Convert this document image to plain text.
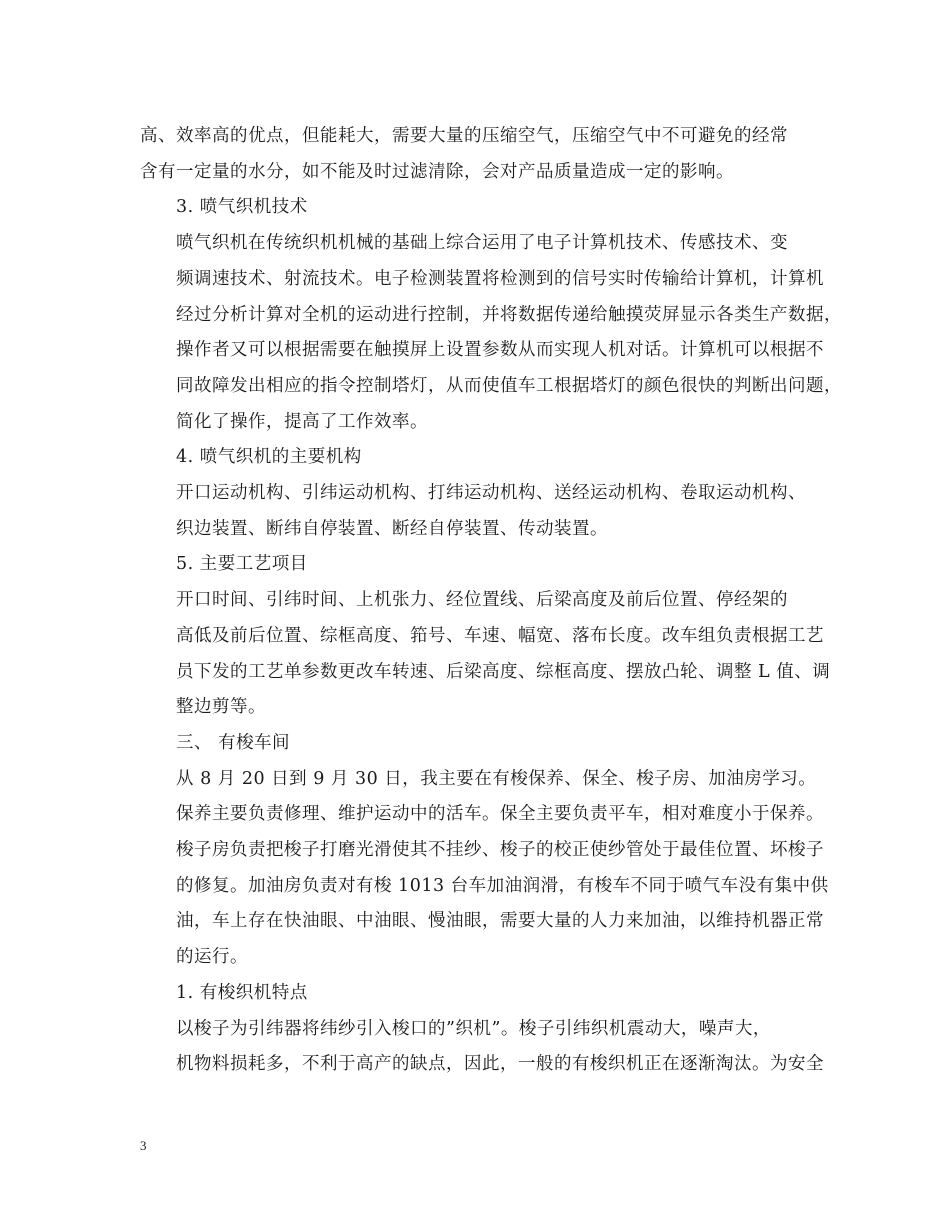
高、效率高的优点，但能耗大，需要大量的压缩空气，压缩空气中不可避免的经常
含有一定量的水分，如不能及时过滤清除，会对产品质量造成一定的影响。

3. 喷气织机技术

喷气织机在传统织机机械的基础上综合运用了电子计算机技术、传感技术、变
频调速技术、射流技术。电子检测装置将检测到的信号实时传输给计算机，计算机
经过分析计算对全机的运动进行控制，并将数据传递给触摸荧屏显示各类生产数据，
操作者又可以根据需要在触摸屏上设置参数从而实现人机对话。计算机可以根据不
同故障发出相应的指令控制塔灯，从而使值车工根据塔灯的颜色很快的判断出问题，
简化了操作，提高了工作效率。

4. 喷气织机的主要机构

开口运动机构、引纬运动机构、打纬运动机构、送经运动机构、卷取运动机构、
织边装置、断纬自停装置、断经自停装置、传动装置。

5. 主要工艺项目

开口时间、引纬时间、上机张力、经位置线、后梁高度及前后位置、停经架的
高低及前后位置、综框高度、筘号、车速、幅宽、落布长度。改车组负责根据工艺
员下发的工艺单参数更改车转速、后梁高度、综框高度、摆放凸轮、调整 L 值、调
整边剪等。

三、 有梭车间

从 8 月 20 日到 9 月 30 日，我主要在有梭保养、保全、梭子房、加油房学习。
保养主要负责修理、维护运动中的活车。保全主要负责平车，相对难度小于保养。
梭子房负责把梭子打磨光滑使其不挂纱、梭子的校正使纱管处于最佳位置、坏梭子
的修复。加油房负责对有梭 1013 台车加油润滑，有梭车不同于喷气车没有集中供
油，车上存在快油眼、中油眼、慢油眼，需要大量的人力来加油，以维持机器正常
的运行。

1. 有梭织机特点

以梭子为引纬器将纬纱引入梭口的”织机”。梭子引纬织机震动大，噪声大，
机物料损耗多，不利于高产的缺点，因此，一般的有梭织机正在逐渐淘汰。为安全

3
